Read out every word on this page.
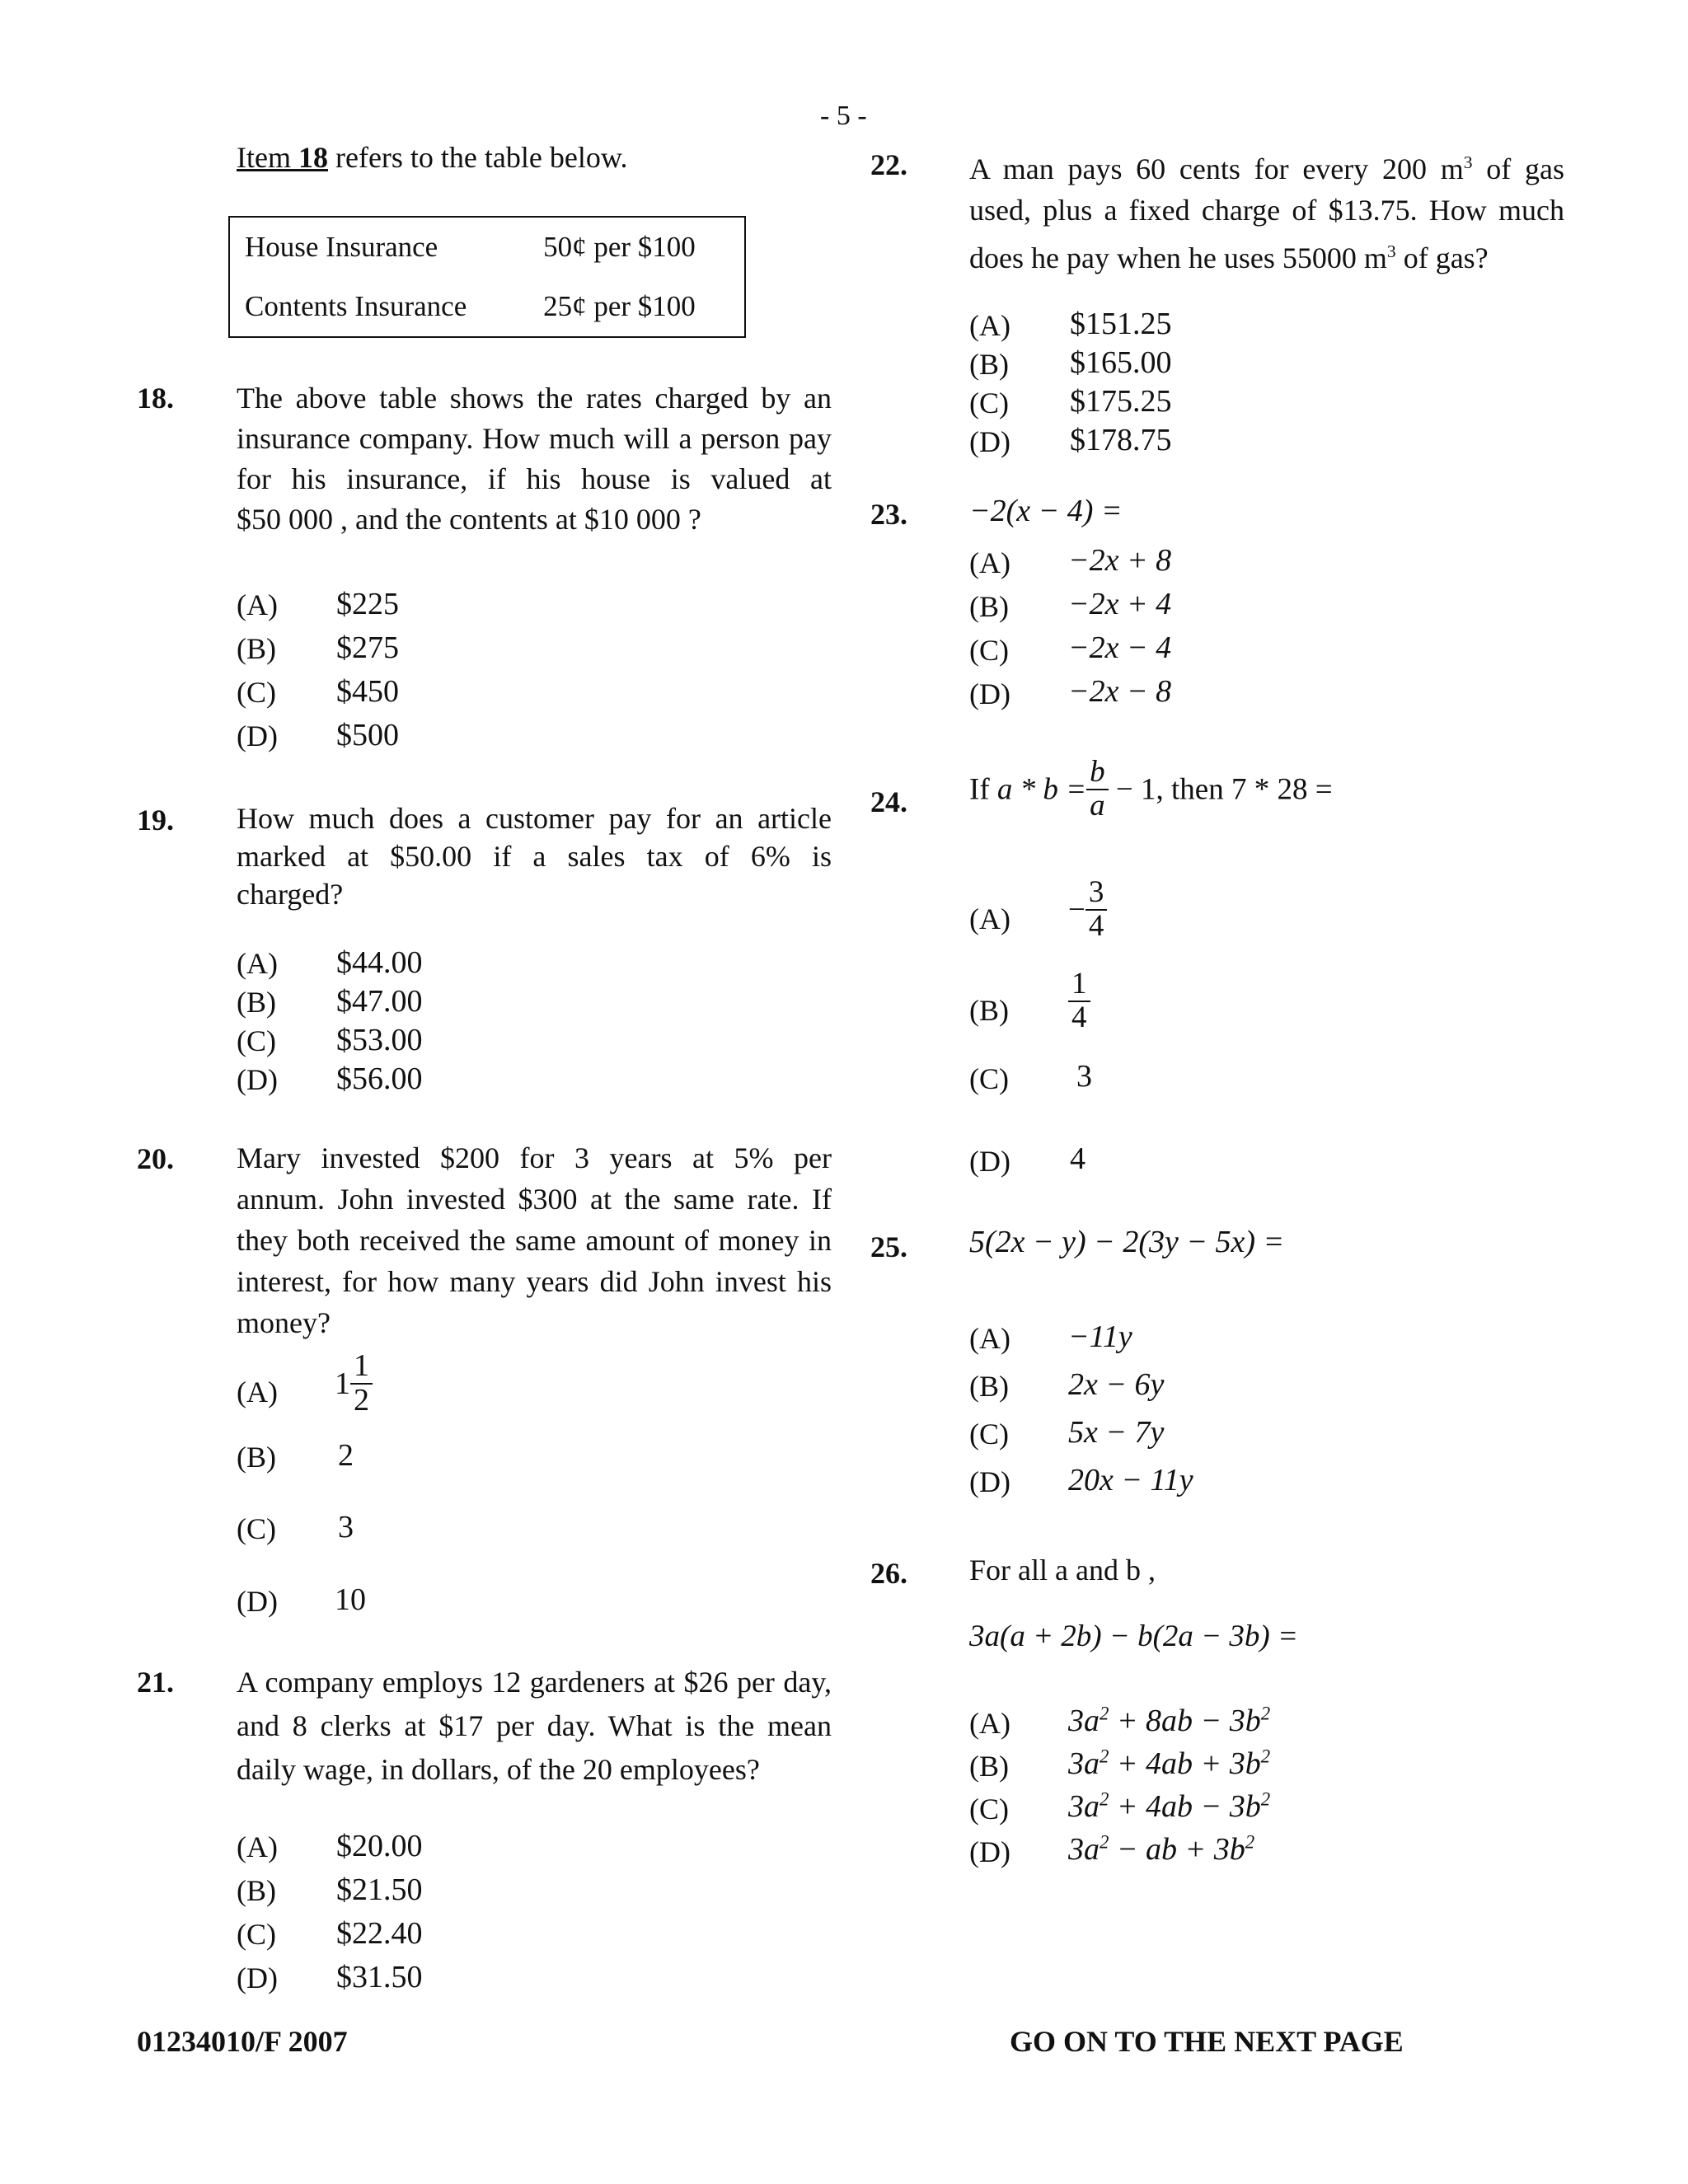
- 5 -
Item 18 refers to the table below.
House Insurance	50¢ per $100
Contents Insurance	25¢ per $100
18. The above table shows the rates charged by an
insurance company. How much will a person pay
for his insurance, if his house is valued at
$50 000 , and the contents at $10 000 ?
(A) $225
(B) $275
(C) $450
(D) $500
19. How much does a customer pay for an article
marked at $50.00 if a sales tax of 6% is
charged?
(A) $44.00
(B) $47.00
(C) $53.00
(D) $56.00
20. Mary invested $200 for 3 years at 5% per
annum. John invested $300 at the same rate. If
they both received the same amount of money in
interest, for how many years did John invest his
money?
(A) $1 \frac{1}{2}$
(B) 2
(C) 3
(D) 10
21. A company employs 12 gardeners at $26 per day,
and 8 clerks at $17 per day. What is the mean
daily wage, in dollars, of the 20 employees?
(A) $20.00
(B) $21.50
(C) $22.40
(D) $31.50
22. A man pays 60 cents for every 200 $m^3$ of gas
used, plus a fixed charge of $13.75. How much
does he pay when he uses 55000 $m^3$ of gas?
(A) $151.25
(B) $165.00
(C) $175.25
(D) $178.75
23. −2(x − 4) =
(A) −2x + 8
(B) −2x + 4
(C) −2x − 4
(D) −2x − 8
24. If $a * b = \frac{b}{a} - 1$, then 7 * 28 =
$(A) - \frac{3}{4}$
$(B) \frac{1}{4}$
(C) 3
(D) 4
25. 5(2x − y) − 2(3y − 5x) =
(A) −11y
(B) 2x − 6y
(C) 5x − 7y
(D) 20x − 11y
26. For all a and b ,
3a(a + 2b) − b(2a − 3b) =
(A) $3a^2 + 8ab - 3b^2$
(B) $3a^2 + 4ab + 3b^2$
(C) $3a^2 + 4ab - 3b^2$
(D) $3a^2$ − ab + $3b^2$
01234010/F 2007	GO ON TO THE NEXT PAGE
